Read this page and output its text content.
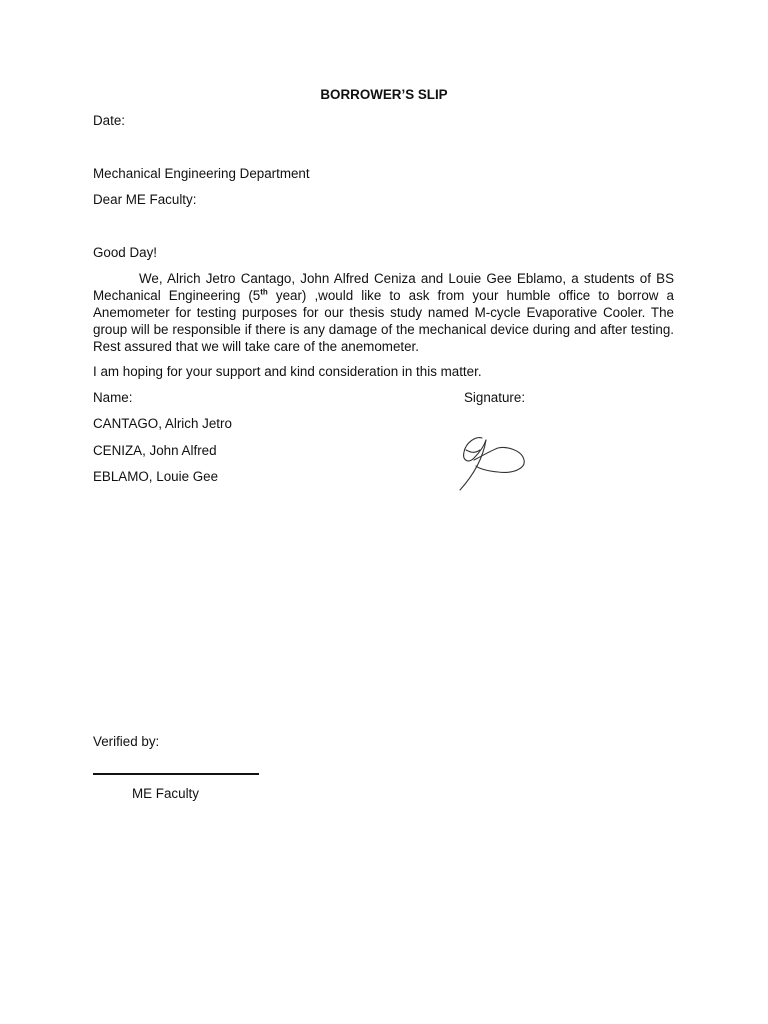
BORROWER’S SLIP
Date:
Mechanical Engineering Department
Dear ME Faculty:
Good Day!
We, Alrich Jetro Cantago, John Alfred Ceniza and Louie Gee Eblamo, a students of BS Mechanical Engineering (5th year) ,would like to ask from your humble office to borrow a Anemometer for testing purposes for our thesis study named M-cycle Evaporative Cooler. The group will be responsible if there is any damage of the mechanical device during and after testing. Rest assured that we will take care of the anemometer.
I am hoping for your support and kind consideration in this matter.
Name:	Signature:
CANTAGO, Alrich Jetro
CENIZA, John Alfred
EBLAMO, Louie Gee
Verified by:
ME Faculty
